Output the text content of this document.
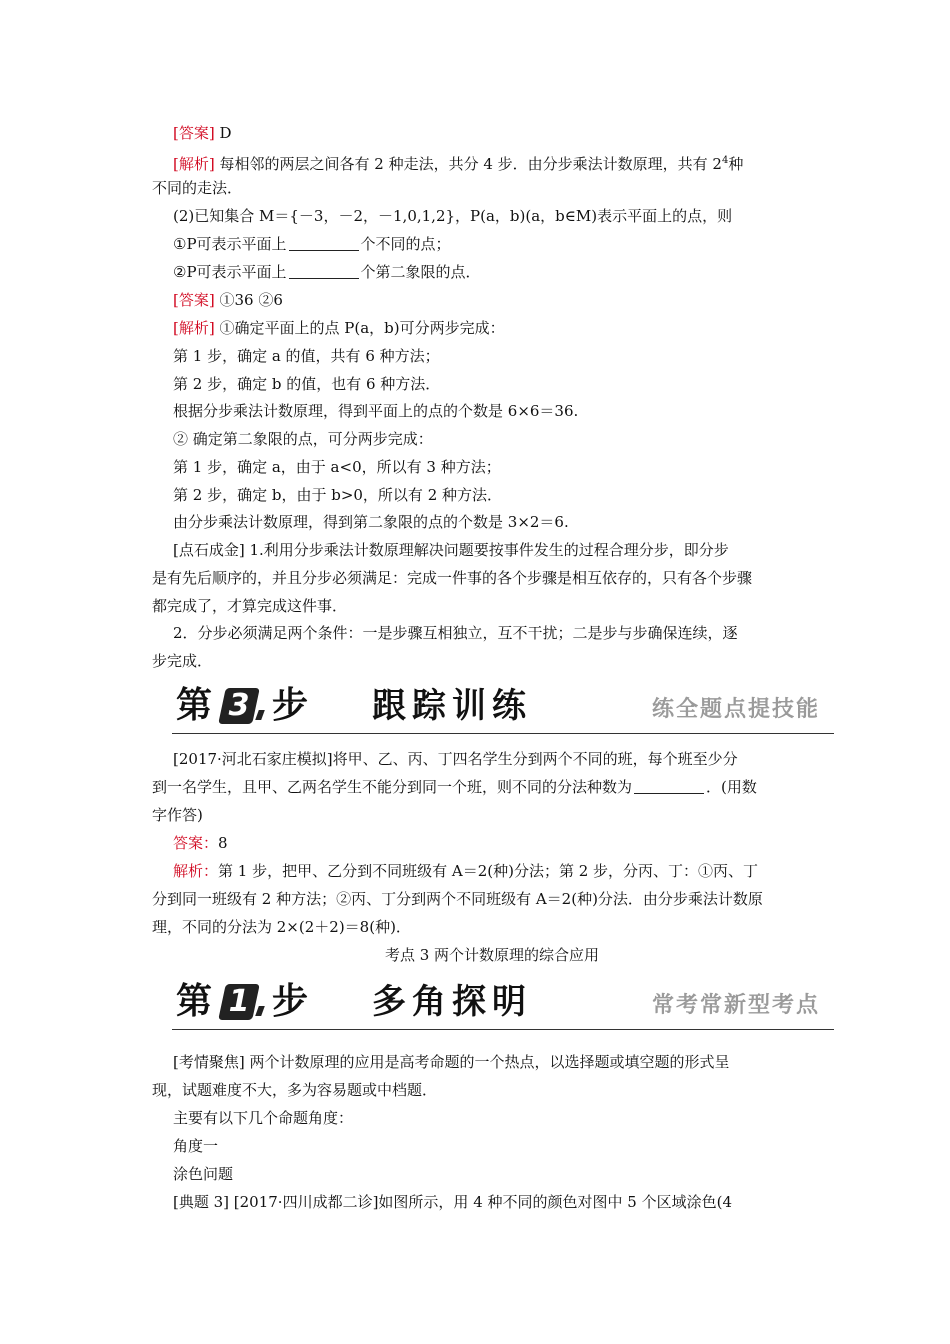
[答案] D
[解析] 每相邻的两层之间各有 2 种走法，共分 4 步．由分步乘法计数原理，共有 $2^4$种
不同的走法．
(2)已知集合 M＝{－3，－2，－1,0,1,2}，P(a，b)(a，b∈M)表示平面上的点，则
①P可表示平面上	个不同的点；
②P可表示平面上	个第二象限的点．
[答案] ①36 ②6
[解析] ①确定平面上的点 P(a，b)可分两步完成：
第 1 步，确定 a 的值，共有 6 种方法；
第 2 步，确定 b 的值，也有 6 种方法．
根据分步乘法计数原理，得到平面上的点的个数是 6×6＝36.
② 确定第二象限的点，可分两步完成：
第 1 步，确定 a，由于 a<0，所以有 3 种方法；
第 2 步，确定 b，由于 b>0，所以有 2 种方法．
由分步乘法计数原理，得到第二象限的点的个数是 3×2＝6.
[点石成金] 1.利用分步乘法计数原理解决问题要按事件发生的过程合理分步，即分步
是有先后顺序的，并且分步必须满足：完成一件事的各个步骤是相互依存的，只有各个步骤
都完成了，才算完成这件事．
2．分步必须满足两个条件：一是步骤互相独立，互不干扰；二是步与步确保连续，逐
步完成．
第 3 步 跟踪训练	练全题点提技能
[2017·河北石家庄模拟]将甲、乙、丙、丁四名学生分到两个不同的班，每个班至少分
到一名学生，且甲、乙两名学生不能分到同一个班，则不同的分法种数为	．(用数
字作答)
答案：8
解析：第 1 步，把甲、乙分到不同班级有 A＝2(种)分法；第 2 步，分丙、丁：①丙、丁
分到同一班级有 2 种方法；②丙、丁分到两个不同班级有 A＝2(种)分法．由分步乘法计数原
理，不同的分法为 2×(2＋2)＝8(种)．
考点 3 两个计数原理的综合应用
第 1 步 多角探明	常考常新型考点
[考情聚焦] 两个计数原理的应用是高考命题的一个热点，以选择题或填空题的形式呈
现，试题难度不大，多为容易题或中档题．
主要有以下几个命题角度：
角度一
涂色问题
[典题 3] [2017·四川成都二诊]如图所示，用 4 种不同的颜色对图中 5 个区域涂色(4
